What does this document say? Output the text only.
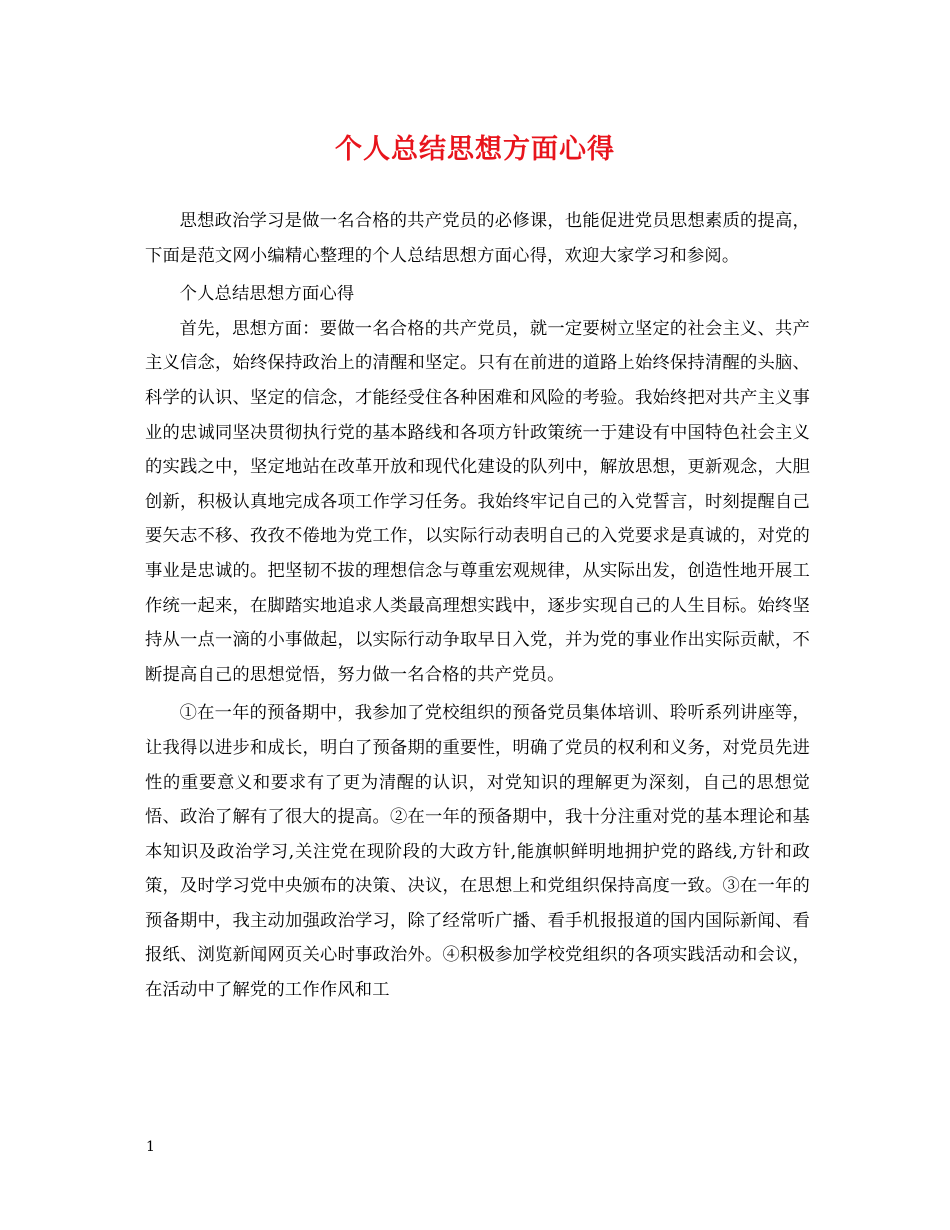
个人总结思想方面心得

思想政治学习是做一名合格的共产党员的必修课，也能促进党员思想素质的提高，下面是范文网小编精心整理的个人总结思想方面心得，欢迎大家学习和参阅。

个人总结思想方面心得

首先，思想方面：要做一名合格的共产党员，就一定要树立坚定的社会主义、共产主义信念，始终保持政治上的清醒和坚定。只有在前进的道路上始终保持清醒的头脑、科学的认识、坚定的信念，才能经受住各种困难和风险的考验。我始终把对共产主义事业的忠诚同坚决贯彻执行党的基本路线和各项方针政策统一于建设有中国特色社会主义的实践之中，坚定地站在改革开放和现代化建设的队列中，解放思想，更新观念，大胆创新，积极认真地完成各项工作学习任务。我始终牢记自己的入党誓言，时刻提醒自己要矢志不移、孜孜不倦地为党工作，以实际行动表明自己的入党要求是真诚的，对党的事业是忠诚的。把坚韧不拔的理想信念与尊重宏观规律，从实际出发，创造性地开展工作统一起来，在脚踏实地追求人类最高理想实践中，逐步实现自己的人生目标。始终坚持从一点一滴的小事做起，以实际行动争取早日入党，并为党的事业作出实际贡献，不断提高自己的思想觉悟，努力做一名合格的共产党员。

①在一年的预备期中，我参加了党校组织的预备党员集体培训、聆听系列讲座等，让我得以进步和成长，明白了预备期的重要性，明确了党员的权利和义务，对党员先进性的重要意义和要求有了更为清醒的认识，对党知识的理解更为深刻，自己的思想觉悟、政治了解有了很大的提高。②在一年的预备期中，我十分注重对党的基本理论和基本知识及政治学习,关注党在现阶段的大政方针,能旗帜鲜明地拥护党的路线,方针和政策，及时学习党中央颁布的决策、决议，在思想上和党组织保持高度一致。③在一年的预备期中，我主动加强政治学习，除了经常听广播、看手机报报道的国内国际新闻、看报纸、浏览新闻网页关心时事政治外。④积极参加学校党组织的各项实践活动和会议，在活动中了解党的工作作风和工

1
